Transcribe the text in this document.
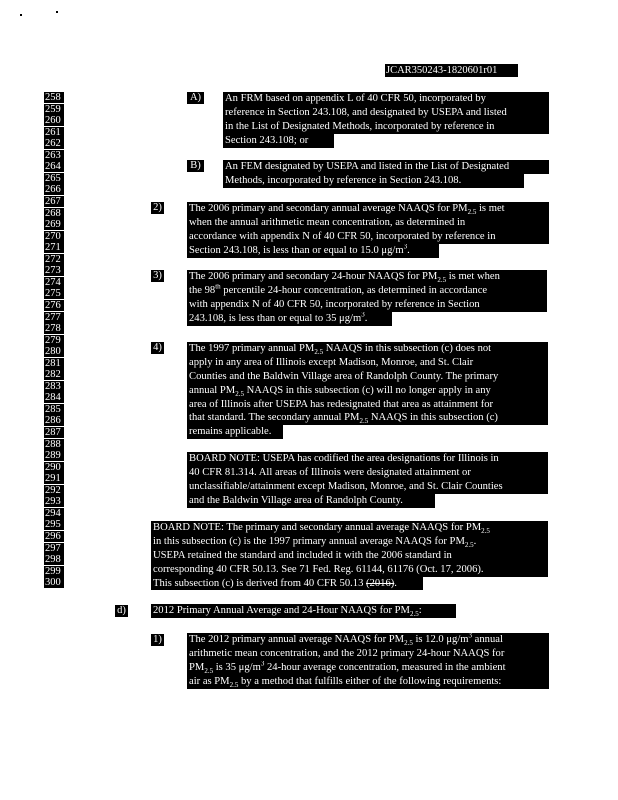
JCAR350243-1820601r01
258
259
260
261
262
263
264
265
266
267
268
269
270
271
272
273
274
275
276
277
278
279
280
281
282
283
284
285
286
287
288
289
290
291
292
293
294
295
296
297
298
299
300
A) An FRM based on appendix L of 40 CFR 50, incorporated by
reference in Section 243.108, and designated by USEPA and listed
in the List of Designated Methods, incorporated by reference in
Section 243.108; or
B)	An FEM designated by USEPA and listed in the List of Designated
Methods, incorporated by reference in Section 243.108.
2)	The 2006 primary and secondary annual average NAAQS for $PM_{2.5}$ is met
when the annual arithmetic mean concentration, as determined in
accordance with appendix N of 40 CFR 50, incorporated by reference in
Section 243.108, is less than or equal to 15.0 $\mu g/m^3$.
3)	The 2006 primary and secondary 24-hour NAAQS for $PM_{2.5}$ is met when
the 98th percentile 24-hour concentration, as determined in accordance
with appendix N of 40 CFR 50, incorporated by reference in Section
243.108, is less than or equal to 35 $\mu g/m^3$.
4)	The 1997 primary annual $PM_{2.5}$ NAAQS in this subsection (c) does not
apply in any area of Illinois except Madison, Monroe, and St. Clair
Counties and the Baldwin Village area of Randolph County. The primary
annual $PM_{2.5}$ NAAQS in this subsection (c) will no longer apply in any
area of Illinois after USEPA has redesignated that area as attainment for
that standard. The secondary annual $PM_{2.5}$ NAAQS in this subsection (c)
remains applicable.
BOARD NOTE: USEPA has codified the area designations for Illinois in
40 CFR 81.314. All areas of Illinois were designated attainment or
unclassifiable/attainment except Madison, Monroe, and St. Clair Counties
and the Baldwin Village area of Randolph County.
BOARD NOTE: The primary and secondary annual average NAAQS for $PM_{2.5}$
in this subsection (c) is the 1997 primary annual average NAAQS for $PM_{2.5}$.
USEPA retained the standard and included it with the 2006 standard in
corresponding 40 CFR 50.13. See 71 Fed. Reg. 61144, 61176 (Oct. 17, 2006).
This subsection (c) is derived from 40 CFR 50.13 (2016).
d)	2012 Primary Annual Average and 24-Hour NAAQS for $PM_{2.5}$:
1)	The 2012 primary annual average NAAQS for $PM_{2.5}$ is 12.0 $\mu g/m^3$ annual
arithmetic mean concentration, and the 2012 primary 24-hour NAAQS for
$PM_{2.5}$ is 35 $\mu g/m^3$ 24-hour average concentration, measured in the ambient
air as $PM_{2.5}$ by a method that fulfills either of the following requirements:
